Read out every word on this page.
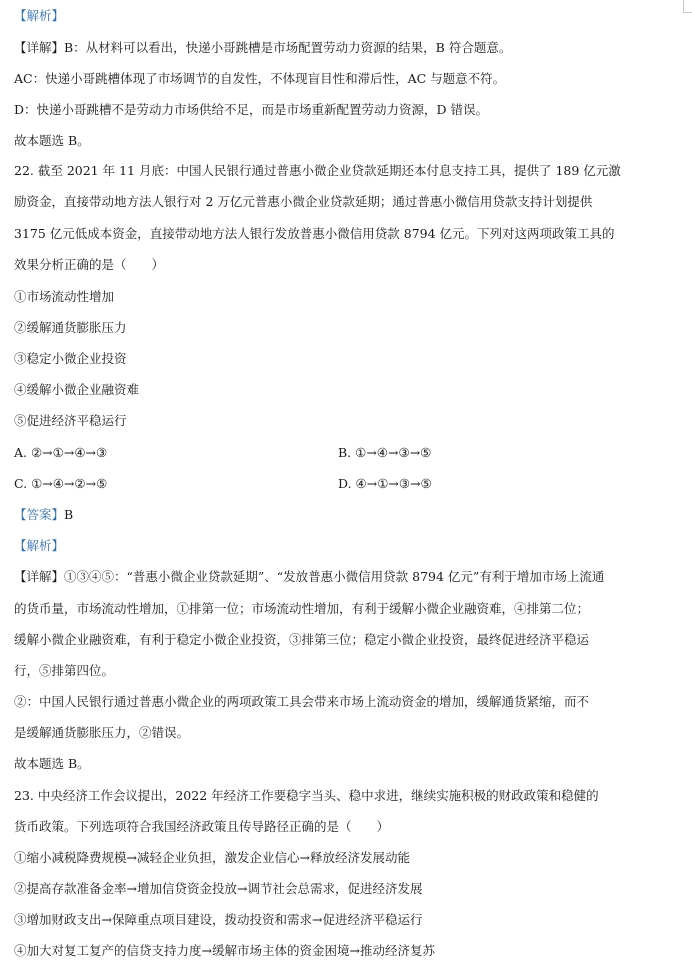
【解析】
【详解】B：从材料可以看出，快递小哥跳槽是市场配置劳动力资源的结果，B 符合题意。
AC：快递小哥跳槽体现了市场调节的自发性，不体现盲目性和滞后性，AC 与题意不符。
D：快递小哥跳槽不是劳动力市场供给不足，而是市场重新配置劳动力资源，D 错误。
故本题选 B。
22. 截至 2021 年 11 月底：中国人民银行通过普惠小微企业贷款延期还本付息支持工具，提供了 189 亿元激
励资金，直接带动地方法人银行对 2 万亿元普惠小微企业贷款延期；通过普惠小微信用贷款支持计划提供
3175 亿元低成本资金，直接带动地方法人银行发放普惠小微信用贷款 8794 亿元。下列对这两项政策工具的
效果分析正确的是（　　）
①市场流动性增加
②缓解通货膨胀压力
③稳定小微企业投资
④缓解小微企业融资难
⑤促进经济平稳运行
A. ②→①→④→③	B. ①→④→③→⑤
C. ①→④→②→⑤	D. ④→①→③→⑤
【答案】B
【解析】
【详解】①③④⑤：“普惠小微企业贷款延期”、“发放普惠小微信用贷款 8794 亿元”有利于增加市场上流通
的货币量，市场流动性增加，①排第一位；市场流动性增加，有利于缓解小微企业融资难，④排第二位；
缓解小微企业融资难，有利于稳定小微企业投资，③排第三位；稳定小微企业投资，最终促进经济平稳运
行，⑤排第四位。
②：中国人民银行通过普惠小微企业的两项政策工具会带来市场上流动资金的增加，缓解通货紧缩，而不
是缓解通货膨胀压力，②错误。
故本题选 B。
23. 中央经济工作会议提出，2022 年经济工作要稳字当头、稳中求进，继续实施积极的财政政策和稳健的
货币政策。下列选项符合我国经济政策且传导路径正确的是（　　）
①缩小减税降费规模→减轻企业负担，激发企业信心→释放经济发展动能
②提高存款准备金率→增加信贷资金投放→调节社会总需求，促进经济发展
③增加财政支出→保障重点项目建设，拨动投资和需求→促进经济平稳运行
④加大对复工复产的信贷支持力度→缓解市场主体的资金困境→推动经济复苏
